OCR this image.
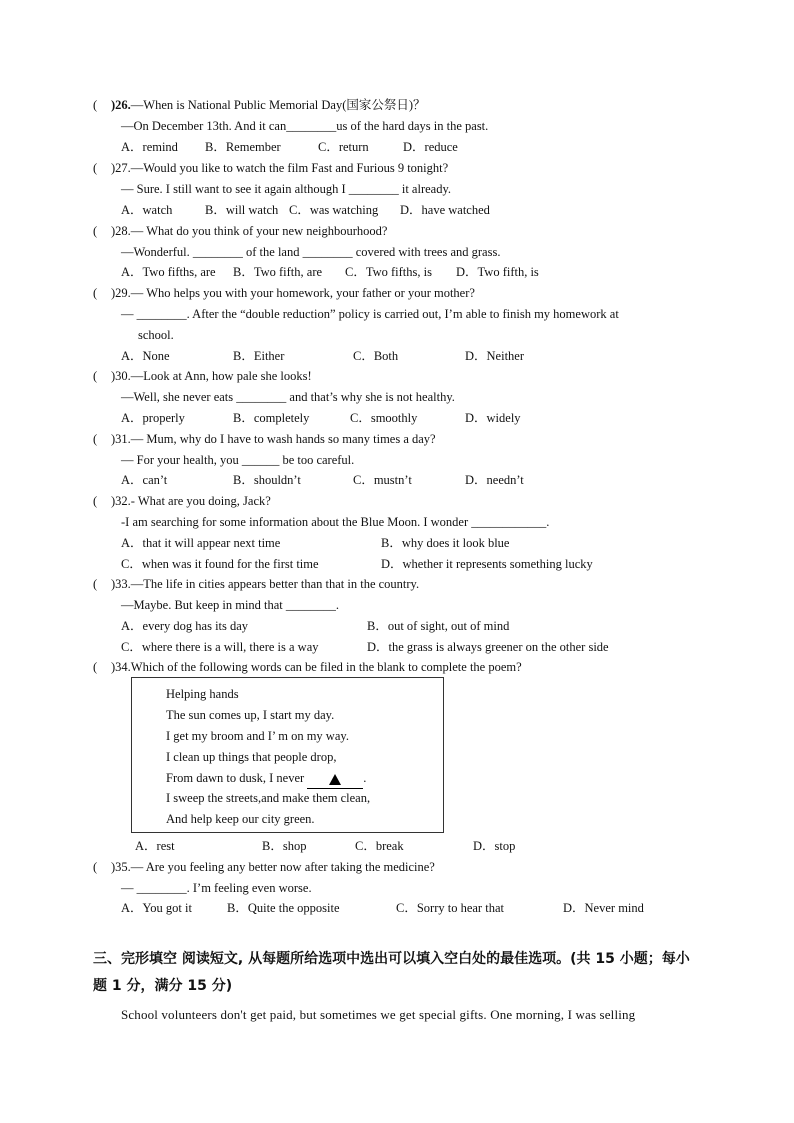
( )26.—When is National Public Memorial Day(国家公祭日)？
—On December 13th. And it can________us of the hard days in the past.
A．remind B．Remember	C．return	D．reduce
( )27.—Would you like to watch the film Fast and Furious 9 tonight?
— Sure. I still want to see it again although I ________ it already.
A．watch	B．will watch C．was watching D．have watched
( )28.— What do you think of your new neighbourhood?
—Wonderful. ________ of the land ________ covered with trees and grass.
A．Two fifths, are B．Two fifth, are C．Two fifths, is D．Two fifth, is
( )29.— Who helps you with your homework, your father or your mother?
— ________. After the “double reduction” policy is carried out, I’m able to finish my homework at
school.
A．None	B．Either	C．Both	D．Neither
( )30.—Look at Ann, how pale she looks!
—Well, she never eats ________ and that’s why she is not healthy.
A．properly	B．completely	C．smoothly	D．widely
( )31.— Mum, why do I have to wash hands so many times a day?
— For your health, you ______ be too careful.
A．can’t	B．shouldn’t	C．mustn’t	D．needn’t
( )32.- What are you doing, Jack?
-I am searching for some information about the Blue Moon. I wonder ____________.
A．that it will appear next time	B．why does it look blue
C．when was it found for the first time	D．whether it represents something lucky
( )33.—The life in cities appears better than that in the country.
—Maybe. But keep in mind that ________.
A．every dog has its day	B．out of sight, out of mind
C．where there is a will, there is a way	D．the grass is always greener on the other side
( )34.Which of the following words can be filed in the blank to complete the poem?
Helping hands
The sun comes up, I start my day.
I get my broom and I’ m on my way.
I clean up things that people drop,
From dawn to dusk, I never	.
I sweep the streets,and make them clean,
And help keep our city green.
A．rest	B．shop	C．break	D．stop
( )35.— Are you feeling any better now after taking the medicine?
— ________. I’m feeling even worse.
A．You got it	B．Quite the opposite	C．Sorry to hear that	D．Never mind
三、完形填空 阅读短文, 从每题所给选项中选出可以填入空白处的最佳选项。(共 15 小题；每小
题 1 分，满分 15 分)
School volunteers don't get paid, but sometimes we get special gifts. One morning, I was selling
